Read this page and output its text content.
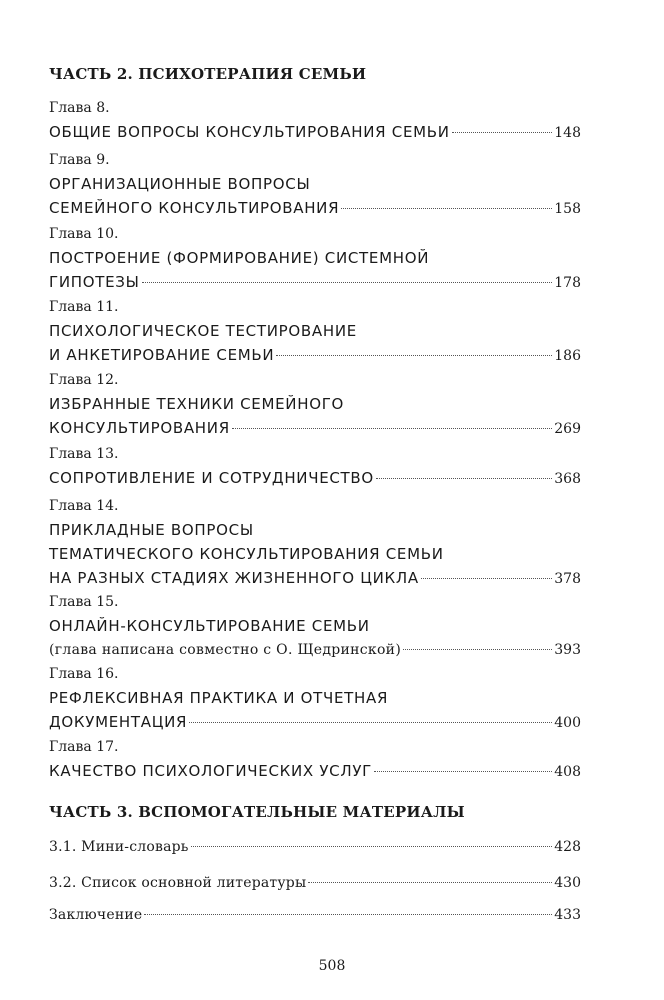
ЧАСТЬ 2. ПСИХОТЕРАПИЯ СЕМЬИ
Глава 8.
ОБЩИЕ ВОПРОСЫ КОНСУЛЬТИРОВАНИЯ СЕМЬИ	148
Глава 9.
ОРГАНИЗАЦИОННЫЕ ВОПРОСЫ
СЕМЕЙНОГО КОНСУЛЬТИРОВАНИЯ	158
Глава 10.
ПОСТРОЕНИЕ (ФОРМИРОВАНИЕ) СИСТЕМНОЙ
ГИПОТЕЗЫ	178
Глава 11.
ПСИХОЛОГИЧЕСКОЕ ТЕСТИРОВАНИЕ
И АНКЕТИРОВАНИЕ СЕМЬИ	186
Глава 12.
ИЗБРАННЫЕ ТЕХНИКИ СЕМЕЙНОГО
КОНСУЛЬТИРОВАНИЯ	269
Глава 13.
СОПРОТИВЛЕНИЕ И СОТРУДНИЧЕСТВО	368
Глава 14.
ПРИКЛАДНЫЕ ВОПРОСЫ
ТЕМАТИЧЕСКОГО КОНСУЛЬТИРОВАНИЯ СЕМЬИ
НА РАЗНЫХ СТАДИЯХ ЖИЗНЕННОГО ЦИКЛА	378
Глава 15.
ОНЛАЙН-КОНСУЛЬТИРОВАНИЕ СЕМЬИ
(глава написана совместно с О. Щедринской)	393
Глава 16.
РЕФЛЕКСИВНАЯ ПРАКТИКА И ОТЧЕТНАЯ
ДОКУМЕНТАЦИЯ	400
Глава 17.
КАЧЕСТВО ПСИХОЛОГИЧЕСКИХ УСЛУГ	408
ЧАСТЬ 3. ВСПОМОГАТЕЛЬНЫЕ МАТЕРИАЛЫ
3.1. Мини-словарь	428
3.2. Список основной литературы	430
Заключение	433
508
